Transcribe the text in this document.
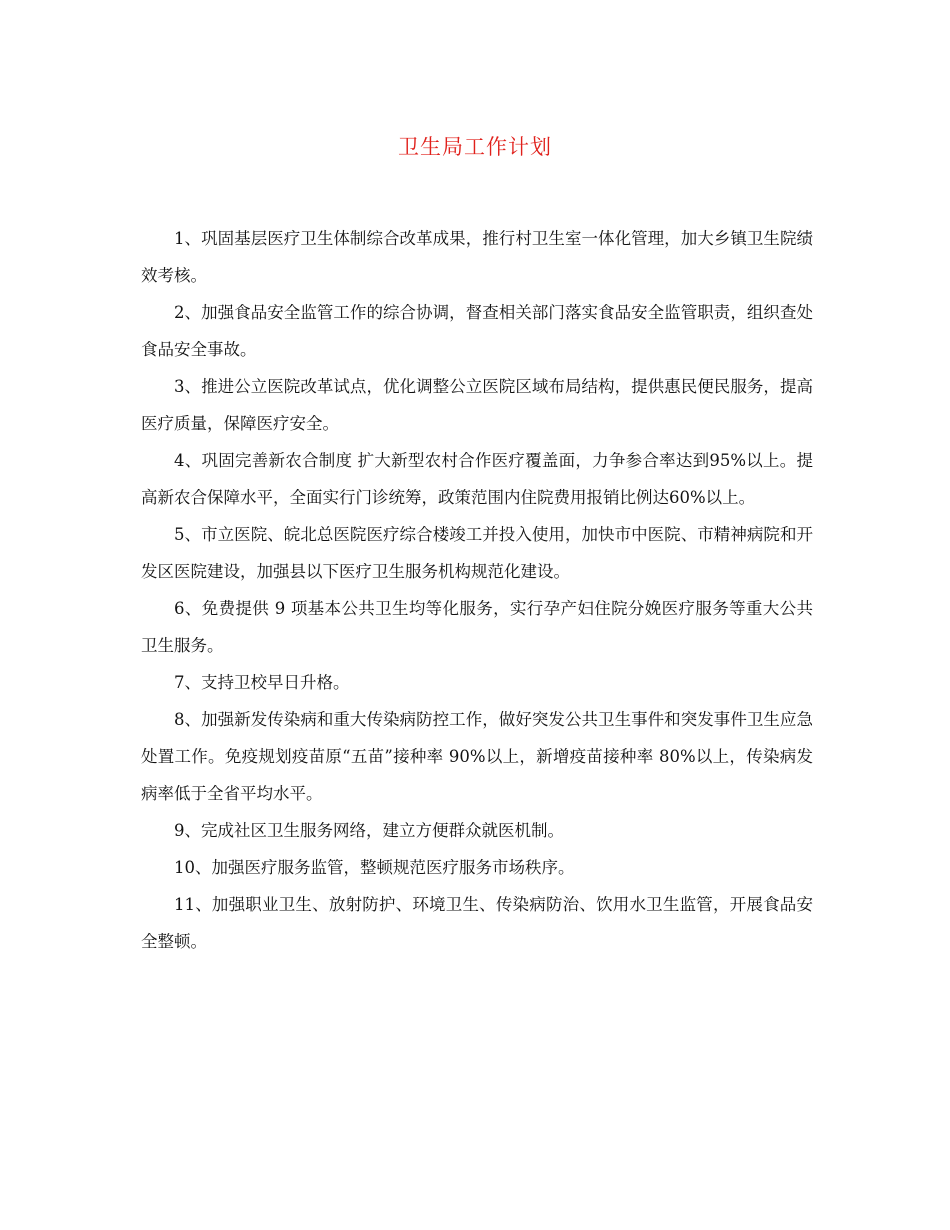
卫生局工作计划

1、巩固基层医疗卫生体制综合改革成果，推行村卫生室一体化管理，加大乡镇卫生院绩效考核。

2、加强食品安全监管工作的综合协调，督查相关部门落实食品安全监管职责，组织查处食品安全事故。

3、推进公立医院改革试点，优化调整公立医院区域布局结构，提供惠民便民服务，提高医疗质量，保障医疗安全。

4、巩固完善新农合制度 扩大新型农村合作医疗覆盖面，力争参合率达到95%以上。提高新农合保障水平，全面实行门诊统筹，政策范围内住院费用报销比例达60%以上。

5、市立医院、皖北总医院医疗综合楼竣工并投入使用，加快市中医院、市精神病院和开发区医院建设，加强县以下医疗卫生服务机构规范化建设。

6、免费提供 9 项基本公共卫生均等化服务，实行孕产妇住院分娩医疗服务等重大公共卫生服务。

7、支持卫校早日升格。

8、加强新发传染病和重大传染病防控工作，做好突发公共卫生事件和突发事件卫生应急处置工作。免疫规划疫苗原“五苗”接种率 90%以上，新增疫苗接种率 80%以上，传染病发病率低于全省平均水平。

9、完成社区卫生服务网络，建立方便群众就医机制。

10、加强医疗服务监管，整顿规范医疗服务市场秩序。

11、加强职业卫生、放射防护、环境卫生、传染病防治、饮用水卫生监管，开展食品安全整顿。
